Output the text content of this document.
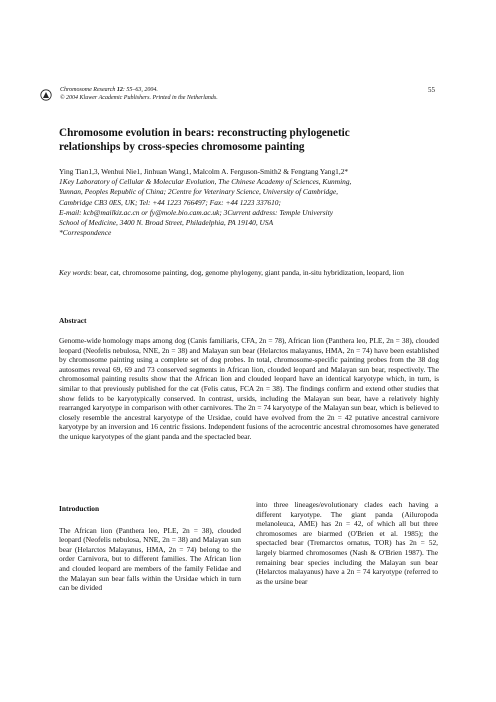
Chromosome Research 12: 55–63, 2004.
© 2004 Kluwer Academic Publishers. Printed in the Netherlands.
55
Chromosome evolution in bears: reconstructing phylogenetic
relationships by cross-species chromosome painting

Ying Tian1,3, Wenhui Nie1, Jinhuan Wang1, Malcolm A. Ferguson-Smith2 & Fengtang Yang1,2*

1Key Laboratory of Cellular & Molecular Evolution, The Chinese Academy of Sciences, Kunming,

Yunnan, Peoples Republic of China; 2Centre for Veterinary Science, University of Cambridge,

Cambridge CB3 0ES, UK; Tel: +44 1223 766497; Fax: +44 1223 337610;

E-mail: kcb@mailkiz.ac.cn or fy@mole.bio.cam.ac.uk; 3Current address: Temple University

School of Medicine, 3400 N. Broad Street, Philadelphia, PA 19140, USA

*Correspondence

Key words: bear, cat, chromosome painting, dog, genome phylogeny, giant panda, in-situ hybridization, leopard, lion
Abstract
Genome-wide homology maps among dog (Canis familiaris, CFA, 2n = 78), African lion (Panthera leo, PLE, 2n = 38), clouded leopard (Neofelis nebulosa, NNE, 2n = 38) and Malayan sun bear (Helarctos malayanus, HMA, 2n = 74) have been established by chromosome painting using a complete set of dog probes. In total, chromosome-specific painting probes from the 38 dog autosomes reveal 69, 69 and 73 conserved segments in African lion, clouded leopard and Malayan sun bear, respectively. The chromosomal painting results show that the African lion and clouded leopard have an identical karyotype which, in turn, is similar to that previously published for the cat (Felis catus, FCA 2n = 38). The findings confirm and extend other studies that show felids to be karyotypically conserved. In contrast, ursids, including the Malayan sun bear, have a relatively highly rearranged karyotype in comparison with other carnivores. The 2n = 74 karyotype of the Malayan sun bear, which is believed to closely resemble the ancestral karyotype of the Ursidae, could have evolved from the 2n = 42 putative ancestral carnivore karyotype by an inversion and 16 centric fissions. Independent fusions of the acrocentric ancestral chromosomes have generated the unique karyotypes of the giant panda and the spectacled bear.
Introduction
The African lion (Panthera leo, PLE, 2n = 38), clouded leopard (Neofelis nebulosa, NNE, 2n = 38) and Malayan sun bear (Helarctos Malayanus, HMA, 2n = 74) belong to the order Carnivora, but to different families. The African lion and clouded leopard are members of the family Felidae and the Malayan sun bear falls within the Ursidae which in turn can be divided
into three lineages/evolutionary clades each having a different karyotype. The giant panda (Ailuropoda melanoleuca, AME) has 2n = 42, of which all but three chromosomes are biarmed (O'Brien et al. 1985); the spectacled bear (Tremarctos ornatus, TOR) has 2n = 52, largely biarmed chromosomes (Nash & O'Brien 1987). The remaining bear species including the Malayan sun bear (Helarctos malayanus) have a 2n = 74 karyotype (referred to as the ursine bear
